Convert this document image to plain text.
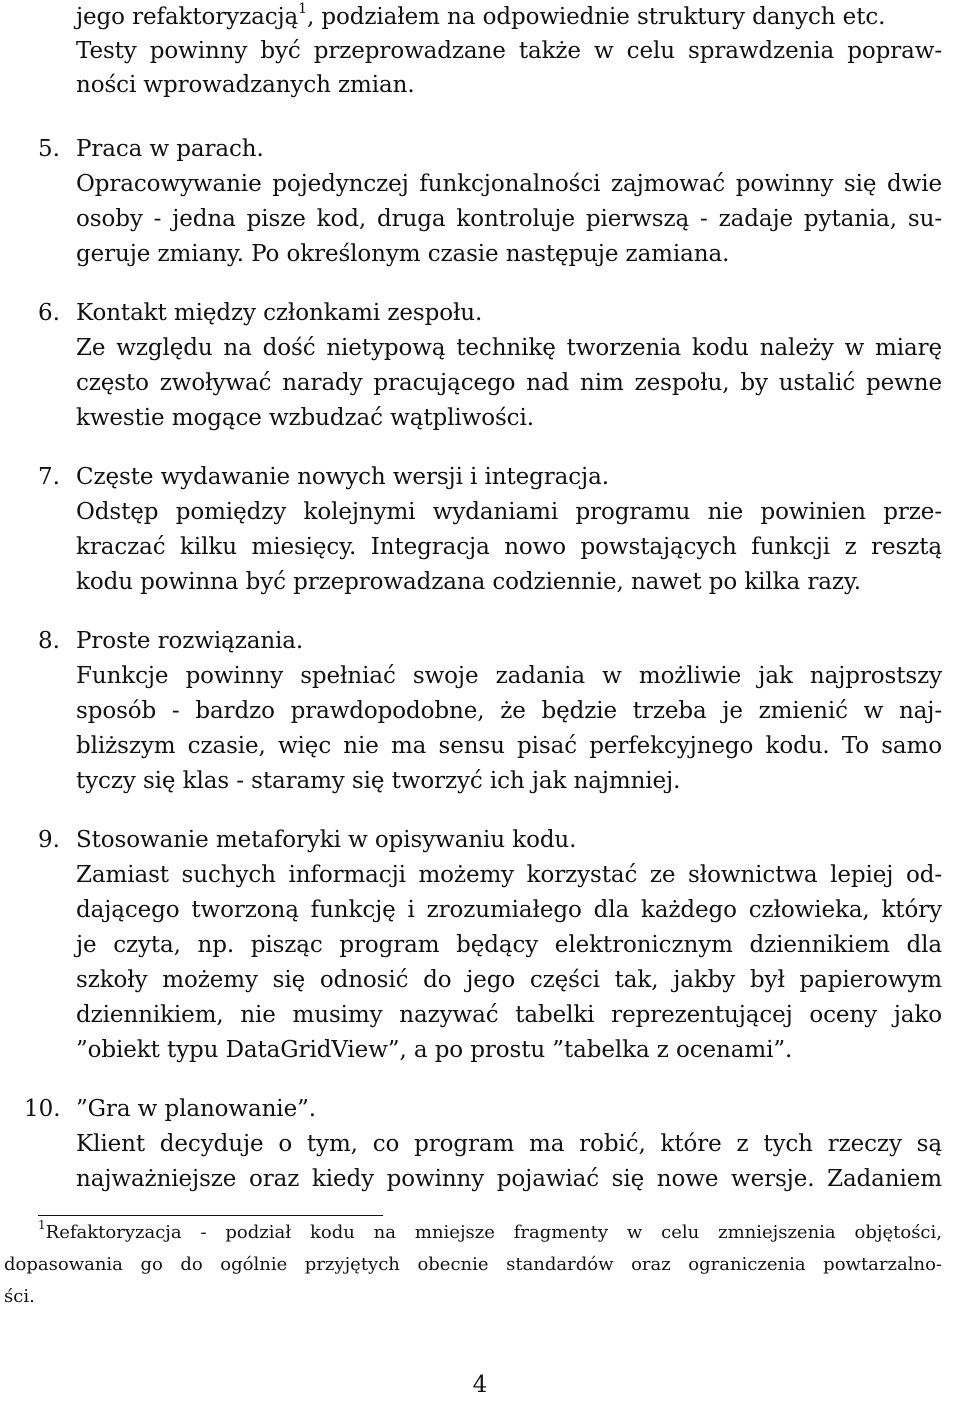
jego refaktoryzacją$^1$, podziałem na odpowiednie struktury danych etc.
Testy powinny być przeprowadzane także w celu sprawdzenia popraw-
ności wprowadzanych zmian.
5. Praca w parach.
Opracowywanie pojedynczej funkcjonalności zajmować powinny się dwie
osoby - jedna pisze kod, druga kontroluje pierwszą - zadaje pytania, su-
geruje zmiany. Po określonym czasie następuje zamiana.
6. Kontakt między członkami zespołu.
Ze względu na dość nietypową technikę tworzenia kodu należy w miarę
często zwoływać narady pracującego nad nim zespołu, by ustalić pewne
kwestie mogące wzbudzać wątpliwości.
7. Częste wydawanie nowych wersji i integracja.
Odstęp pomiędzy kolejnymi wydaniami programu nie powinien prze-
kraczać kilku miesięcy. Integracja nowo powstających funkcji z resztą
kodu powinna być przeprowadzana codziennie, nawet po kilka razy.
8. Proste rozwiązania.
Funkcje powinny spełniać swoje zadania w możliwie jak najprostszy
sposób - bardzo prawdopodobne, że będzie trzeba je zmienić w naj-
bliższym czasie, więc nie ma sensu pisać perfekcyjnego kodu. To samo
tyczy się klas - staramy się tworzyć ich jak najmniej.
9. Stosowanie metaforyki w opisywaniu kodu.
Zamiast suchych informacji możemy korzystać ze słownictwa lepiej od-
dającego tworzoną funkcję i zrozumiałego dla każdego człowieka, który
je czyta, np. pisząc program będący elektronicznym dziennikiem dla
szkoły możemy się odnosić do jego części tak, jakby był papierowym
dziennikiem, nie musimy nazywać tabelki reprezentującej oceny jako
”obiekt typu DataGridView”, a po prostu ”tabelka z ocenami”.
10. ”Gra w planowanie”.
Klient decyduje o tym, co program ma robić, które z tych rzeczy są
najważniejsze oraz kiedy powinny pojawiać się nowe wersje. Zadaniem
$^1$Refaktoryzacja - podział kodu na mniejsze fragmenty w celu zmniejszenia objętości,
dopasowania go do ogólnie przyjętych obecnie standardów oraz ograniczenia powtarzalno-
ści.
4
